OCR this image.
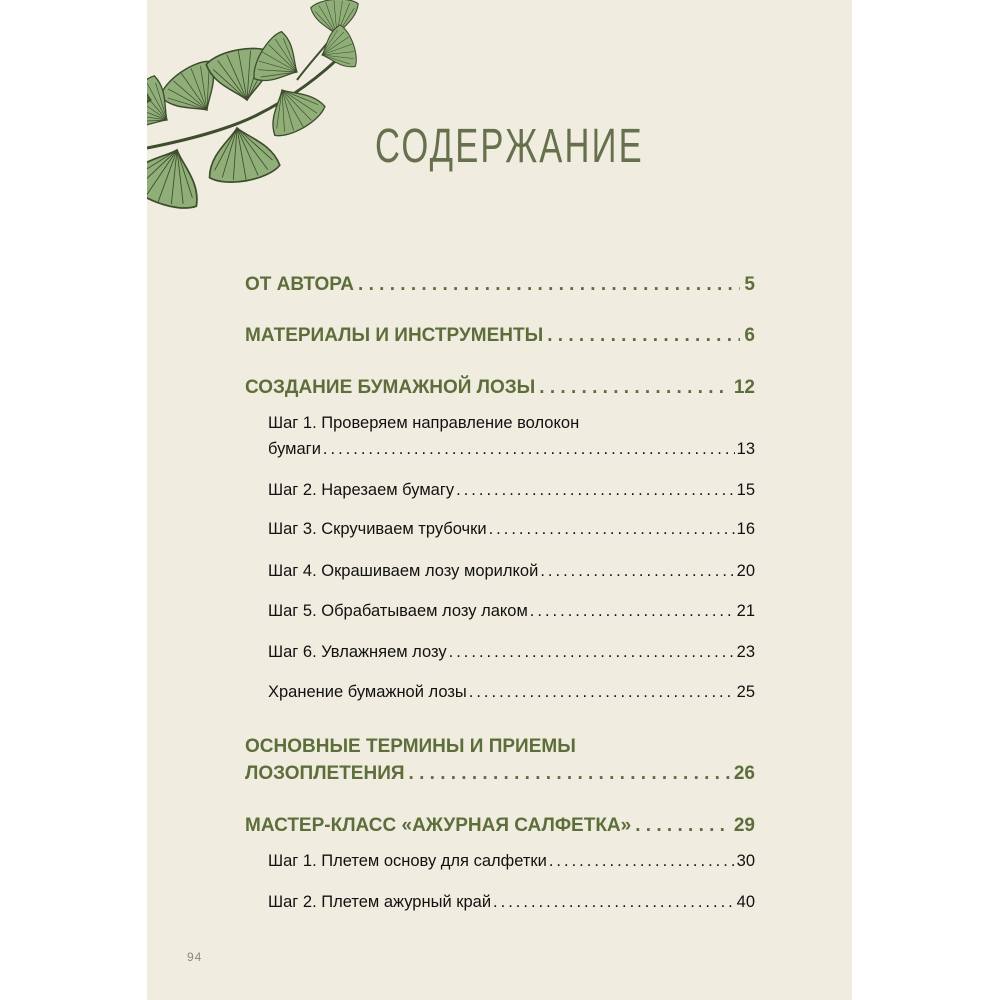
СОДЕРЖАНИЕ
ОТ АВТОРА . . .	5
МАТЕРИАЛЫ И ИНСТРУМЕНТЫ . . .	6
СОЗДАНИЕ БУМАЖНОЙ ЛОЗЫ . . .	12
Шаг 1. Проверяем направление волокон
бумаги .....	13
Шаг 2. Нарезаем бумагу .....	15
Шаг 3. Скручиваем трубочки .....	16
Шаг 4. Окрашиваем лозу морилкой .....	20
Шаг 5. Обрабатываем лозу лаком .....	21
Шаг 6. Увлажняем лозу .....	23
Хранение бумажной лозы .....	25
ОСНОВНЫЕ ТЕРМИНЫ И ПРИЕМЫ
ЛОЗОПЛЕТЕНИЯ . . .	26
МАСТЕР-КЛАСС «АЖУРНАЯ САЛФЕТКА» . . .	29
Шаг 1. Плетем основу для салфетки .....	30
Шаг 2. Плетем ажурный край .....	40
94
